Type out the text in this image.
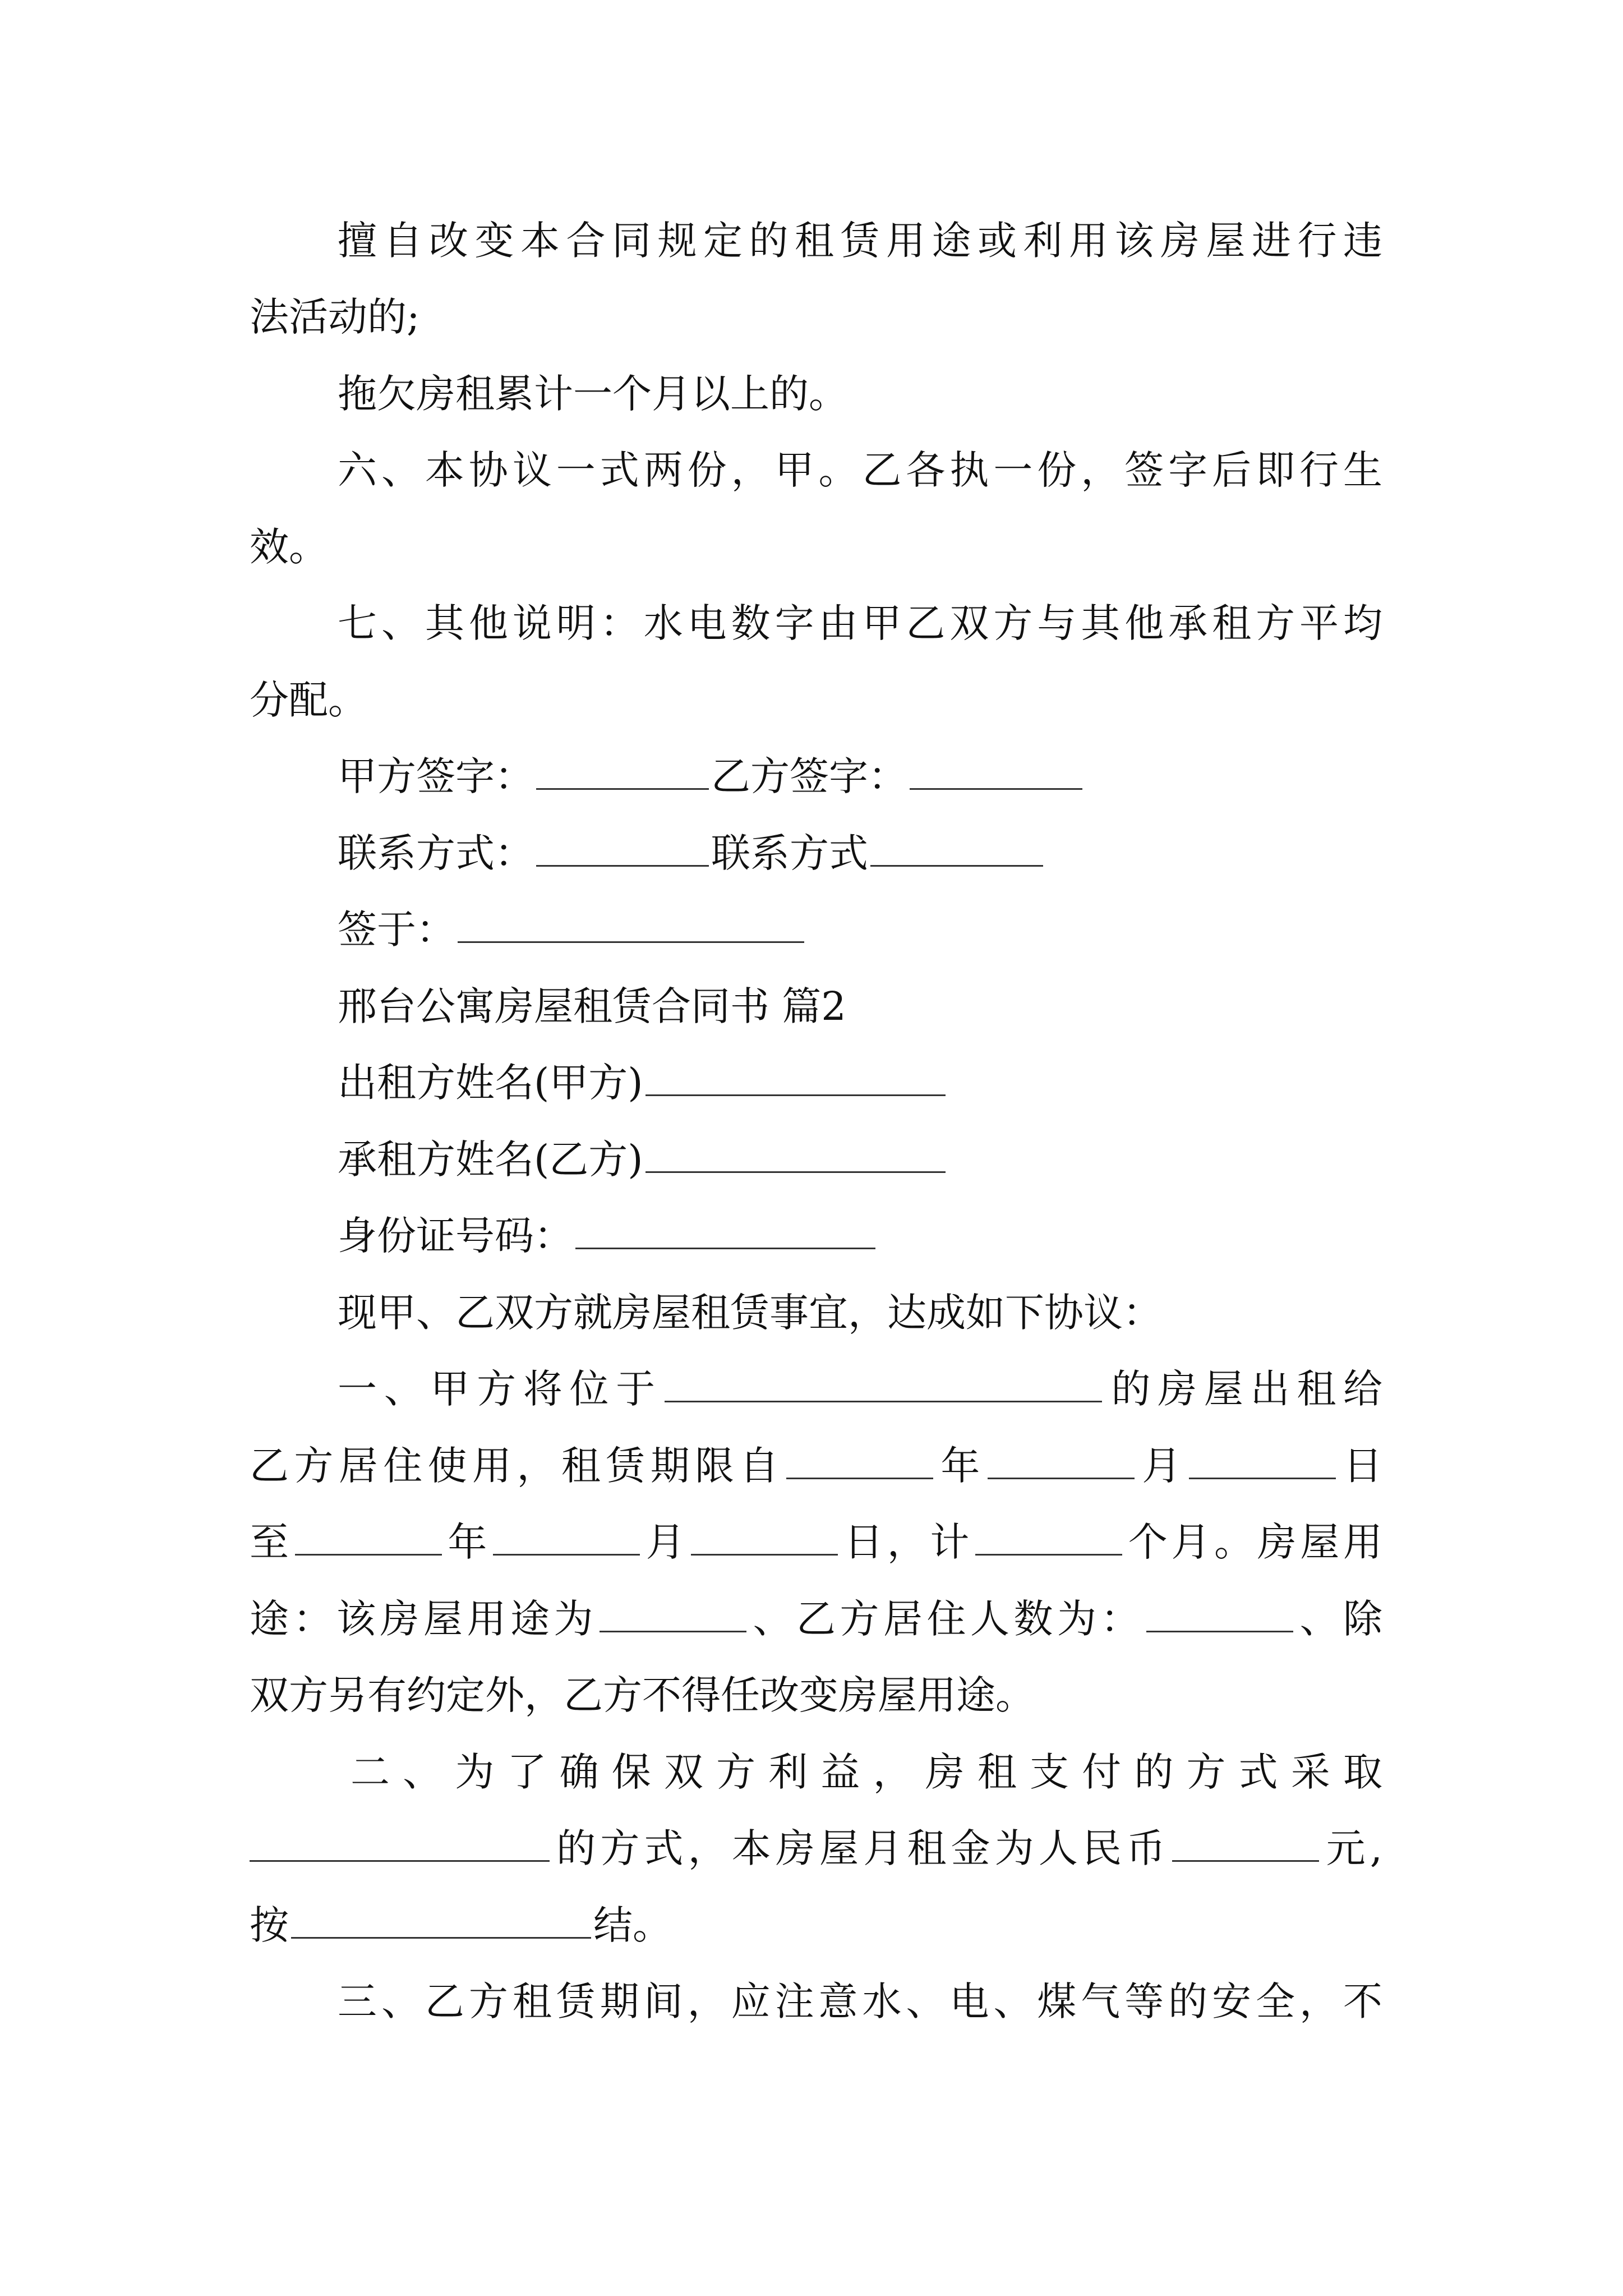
擅自改变本合同规定的租赁用途或利用该房屋进行违
法活动的;
拖欠房租累计一个月以上的。
六、本协议一式两份，甲。乙各执一份，签字后即行生
效。
七、其他说明：水电数字由甲乙双方与其他承租方平均
分配。
甲方签字：	乙方签字：
联系方式：	联系方式
签于：
邢台公寓房屋租赁合同书 篇2
出租方姓名(甲方)
承租方姓名(乙方)
身份证号码：
现甲、乙双方就房屋租赁事宜，达成如下协议：
一、甲方将位于	的房屋出租给
乙方居住使用，租赁期限自	年	月	日
至	年	月	日，计	个月。房屋用
途：该房屋用途为	、乙方居住人数为：	、除
双方另有约定外，乙方不得任改变房屋用途。
二、为了确保双方利益，房租支付的方式采取
的方式，本房屋月租金为人民币	元,
按	结。
三、乙方租赁期间，应注意水、电、煤气等的安全，不
